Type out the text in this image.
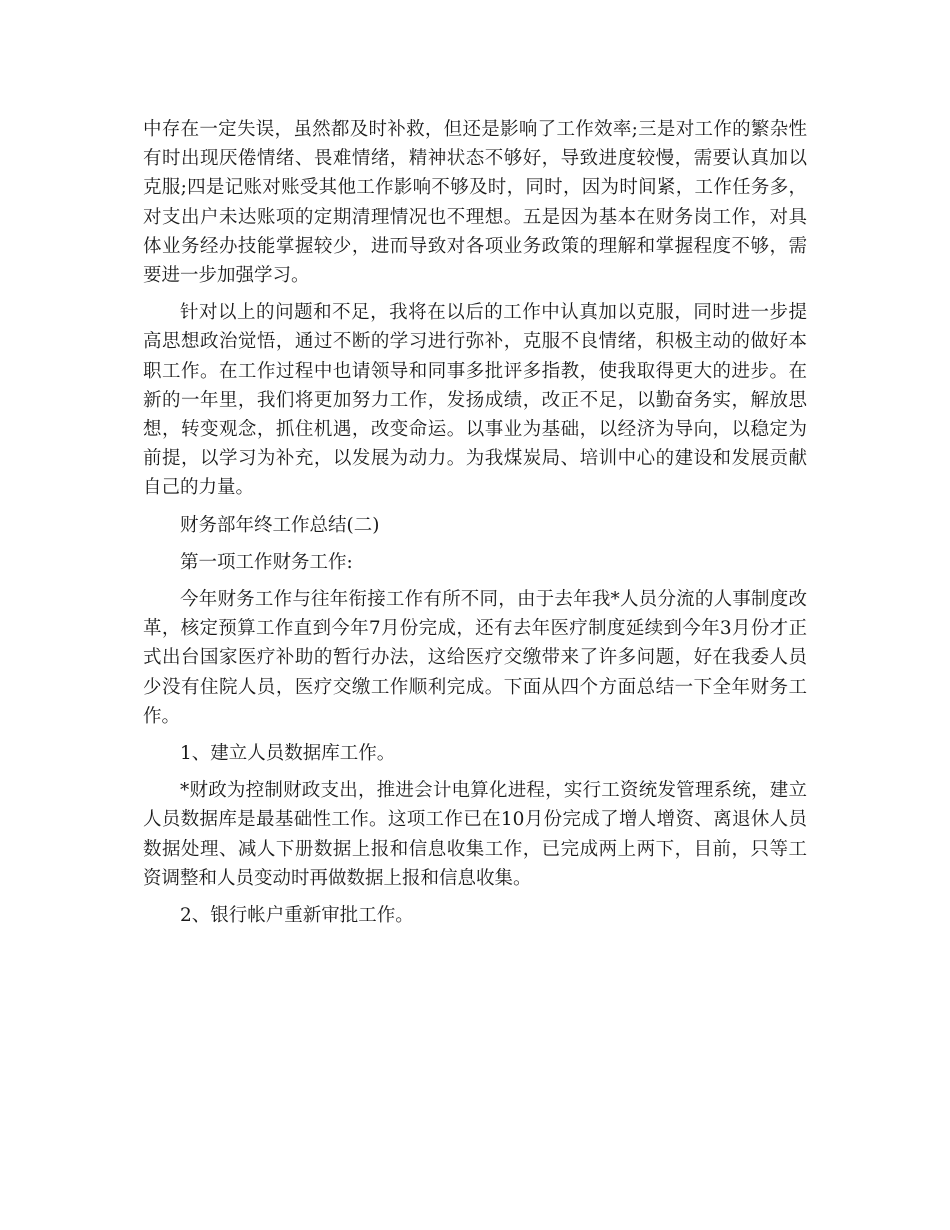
中存在一定失误，虽然都及时补救，但还是影响了工作效率;三是对工作的繁杂性有时出现厌倦情绪、畏难情绪，精神状态不够好，导致进度较慢，需要认真加以克服;四是记账对账受其他工作影响不够及时，同时，因为时间紧，工作任务多，对支出户未达账项的定期清理情况也不理想。五是因为基本在财务岗工作，对具体业务经办技能掌握较少，进而导致对各项业务政策的理解和掌握程度不够，需要进一步加强学习。

针对以上的问题和不足，我将在以后的工作中认真加以克服，同时进一步提高思想政治觉悟，通过不断的学习进行弥补，克服不良情绪，积极主动的做好本职工作。在工作过程中也请领导和同事多批评多指教，使我取得更大的进步。在新的一年里，我们将更加努力工作，发扬成绩，改正不足，以勤奋务实，解放思想，转变观念，抓住机遇，改变命运。以事业为基础，以经济为导向，以稳定为前提，以学习为补充，以发展为动力。为我煤炭局、培训中心的建设和发展贡献自己的力量。

财务部年终工作总结(二)

第一项工作财务工作:

今年财务工作与往年衔接工作有所不同，由于去年我*人员分流的人事制度改革，核定预算工作直到今年7月份完成，还有去年医疗制度延续到今年3月份才正式出台国家医疗补助的暂行办法，这给医疗交缴带来了许多问题，好在我委人员少没有住院人员，医疗交缴工作顺利完成。下面从四个方面总结一下全年财务工作。

1、建立人员数据库工作。

*财政为控制财政支出，推进会计电算化进程，实行工资统发管理系统，建立人员数据库是最基础性工作。这项工作已在10月份完成了增人增资、离退休人员数据处理、减人下册数据上报和信息收集工作，已完成两上两下，目前，只等工资调整和人员变动时再做数据上报和信息收集。

2、银行帐户重新审批工作。
